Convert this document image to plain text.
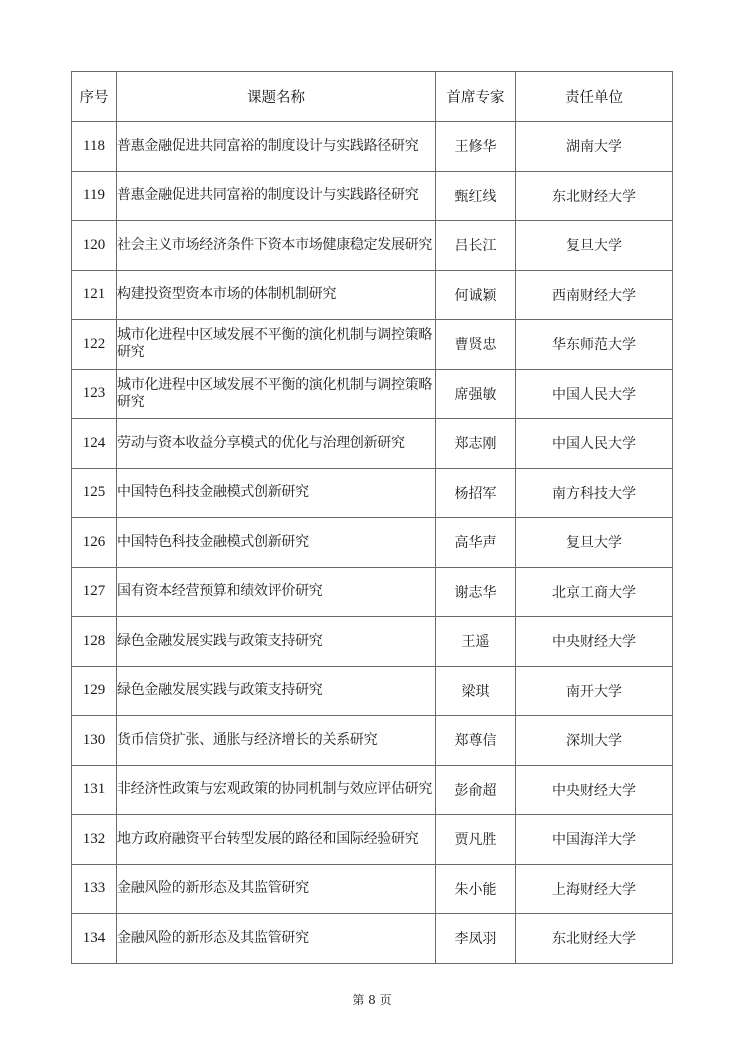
序号	课题名称	首席专家	责任单位
118	普惠金融促进共同富裕的制度设计与实践路径研究	王修华	湖南大学
119	普惠金融促进共同富裕的制度设计与实践路径研究	甄红线	东北财经大学
120	社会主义市场经济条件下资本市场健康稳定发展研究	吕长江	复旦大学
121	构建投资型资本市场的体制机制研究	何诚颖	西南财经大学
122	城市化进程中区域发展不平衡的演化机制与调控策略研究	曹贤忠	华东师范大学
123	城市化进程中区域发展不平衡的演化机制与调控策略研究	席强敏	中国人民大学
124	劳动与资本收益分享模式的优化与治理创新研究	郑志刚	中国人民大学
125	中国特色科技金融模式创新研究	杨招军	南方科技大学
126	中国特色科技金融模式创新研究	高华声	复旦大学
127	国有资本经营预算和绩效评价研究	谢志华	北京工商大学
128	绿色金融发展实践与政策支持研究	王遥	中央财经大学
129	绿色金融发展实践与政策支持研究	梁琪	南开大学
130	货币信贷扩张、通胀与经济增长的关系研究	郑尊信	深圳大学
131	非经济性政策与宏观政策的协同机制与效应评估研究	彭俞超	中央财经大学
132	地方政府融资平台转型发展的路径和国际经验研究	贾凡胜	中国海洋大学
133	金融风险的新形态及其监管研究	朱小能	上海财经大学
134	金融风险的新形态及其监管研究	李凤羽	东北财经大学
第 8 页
